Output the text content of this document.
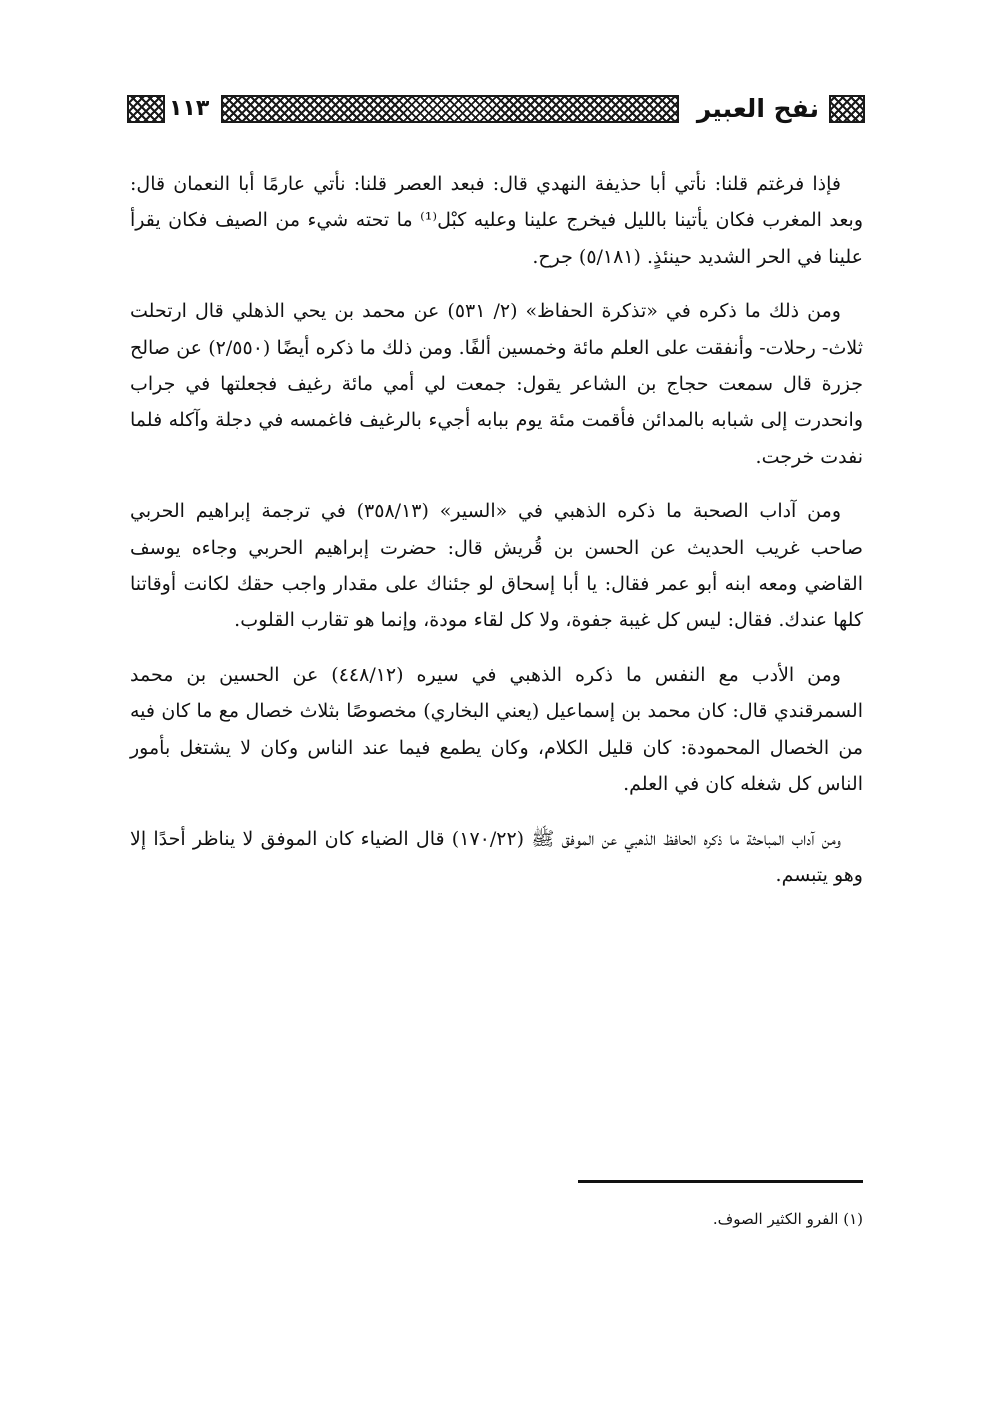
نفح العبير
١١٣

فإذا فرغتم قلنا: نأتي أبا حذيفة النهدي قال: فبعد العصر قلنا: نأتي عارمًا أبا النعمان قال: وبعد المغرب فكان يأتينا بالليل فيخرج علينا وعليه كبْل⁽¹⁾ ما تحته شيء من الصيف فكان يقرأ علينا في الحر الشديد حينئذٍ. (٥/١٨١) جرح.

ومن ذلك ما ذكره في «تذكرة الحفاظ» (٢/ ٥٣١) عن محمد بن يحي الذهلي قال ارتحلت ثلاث- رحلات- وأنفقت على العلم مائة وخمسين ألفًا. ومن ذلك ما ذكره أيضًا (٢/٥٥٠) عن صالح جزرة قال سمعت حجاج بن الشاعر يقول: جمعت لي أمي مائة رغيف فجعلتها في جراب وانحدرت إلى شبابه بالمدائن فأقمت مئة يوم ببابه أجيء بالرغيف فاغمسه في دجلة وآكله فلما نفدت خرجت.

ومن آداب الصحبة ما ذكره الذهبي في «السير» (٣٥٨/١٣) في ترجمة إبراهيم الحربي صاحب غريب الحديث عن الحسن بن قُريش قال: حضرت إبراهيم الحربي وجاءه يوسف القاضي ومعه ابنه أبو عمر فقال: يا أبا إسحاق لو جئناك على مقدار واجب حقك لكانت أوقاتنا كلها عندك. فقال: ليس كل غيبة جفوة، ولا كل لقاء مودة، وإنما هو تقارب القلوب.

ومن الأدب مع النفس ما ذكره الذهبي في سيره (٤٤٨/١٢) عن الحسين بن محمد السمرقندي قال: كان محمد بن إسماعيل (يعني البخاري) مخصوصًا بثلاث خصال مع ما كان فيه من الخصال المحمودة: كان قليل الكلام، وكان يطمع فيما عند الناس وكان لا يشتغل بأمور الناس كل شغله كان في العلم.

ومن آداب المباحثة ما ذكره الحافظ الذهبي عن الموفق ﷺ (١٧٠/٢٢) قال الضياء كان الموفق لا يناظر أحدًا إلا وهو يتبسم.

(١) الفرو الكثير الصوف.
